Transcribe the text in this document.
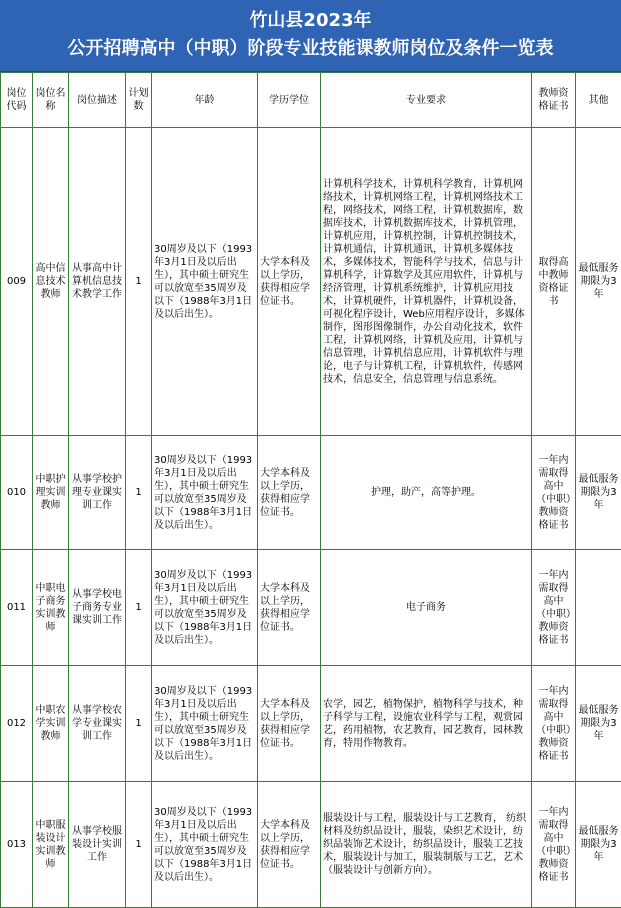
竹山县2023年
公开招聘高中（中职）阶段专业技能课教师岗位及条件一览表
岗位代码	岗位名称	岗位描述	计划数	年龄	学历学位	专业要求	教师资格证书	其他
009	高中信息技术教师	从事高中计算机信息技术教学工作	1	30周岁及以下（1993年3月1日及以后出生），其中硕士研究生可以放宽至35周岁及以下（1988年3月1日及以后出生）。	大学本科及以上学历，获得相应学位证书。	计算机科学技术，计算机科学教育，计算机网络技术，计算机网络工程，计算机网络技术工程，网络技术，网络工程，计算机数据库，数据库技术，计算机数据库技术，计算机管理，计算机应用，计算机控制，计算机控制技术，计算机通信，计算机通讯，计算机多媒体技术，多媒体技术，智能科学与技术，信息与计算机科学，计算数学及其应用软件，计算机与经济管理，计算机系统维护，计算机应用技术，计算机硬件，计算机器件，计算机设备，可视化程序设计，Web应用程序设计，多媒体制作，图形图像制作，办公自动化技术，软件工程，计算机网络，计算机及应用，计算机与信息管理，计算机信息应用，计算机软件与理论，电子与计算机工程，计算机软件，传感网技术，信息安全，信息管理与信息系统。	取得高中教师资格证书	最低服务期限为3年
010	中职护理实训教师	从事学校护理专业课实训工作	1	30周岁及以下（1993年3月1日及以后出生），其中硕士研究生可以放宽至35周岁及以下（1988年3月1日及以后出生）。	大学本科及以上学历，获得相应学位证书。	护理，助产，高等护理。	一年内需取得高中（中职）教师资格证书	最低服务期限为3年
011	中职电子商务实训教师	从事学校电子商务专业课实训工作	1	30周岁及以下（1993年3月1日及以后出生），其中硕士研究生可以放宽至35周岁及以下（1988年3月1日及以后出生）。	大学本科及以上学历，获得相应学位证书。	电子商务	一年内需取得高中（中职）教师资格证书	
012	中职农学实训教师	从事学校农学专业课实训工作	1	30周岁及以下（1993年3月1日及以后出生），其中硕士研究生可以放宽至35周岁及以下（1988年3月1日及以后出生）。	大学本科及以上学历，获得相应学位证书。	农学，园艺，植物保护，植物科学与技术，种子科学与工程，设施农业科学与工程，观赏园艺，药用植物，农艺教育，园艺教育，园林教育，特用作物教育。	一年内需取得高中（中职）教师资格证书	最低服务期限为3年
013	中职服装设计实训教师	从事学校服装设计实训工作	1	30周岁及以下（1993年3月1日及以后出生），其中硕士研究生可以放宽至35周岁及以下（1988年3月1日及以后出生）。	大学本科及以上学历，获得相应学位证书。	服装设计与工程，服装设计与工艺教育， 纺织材料及纺织品设计，服装，染织艺术设计，纺织品装饰艺术设计，纺织品设计，服装工艺技术，服装设计与加工，服装制版与工艺，艺术（服装设计与创新方向）。	一年内需取得高中（中职）教师资格证书	最低服务期限为3年
